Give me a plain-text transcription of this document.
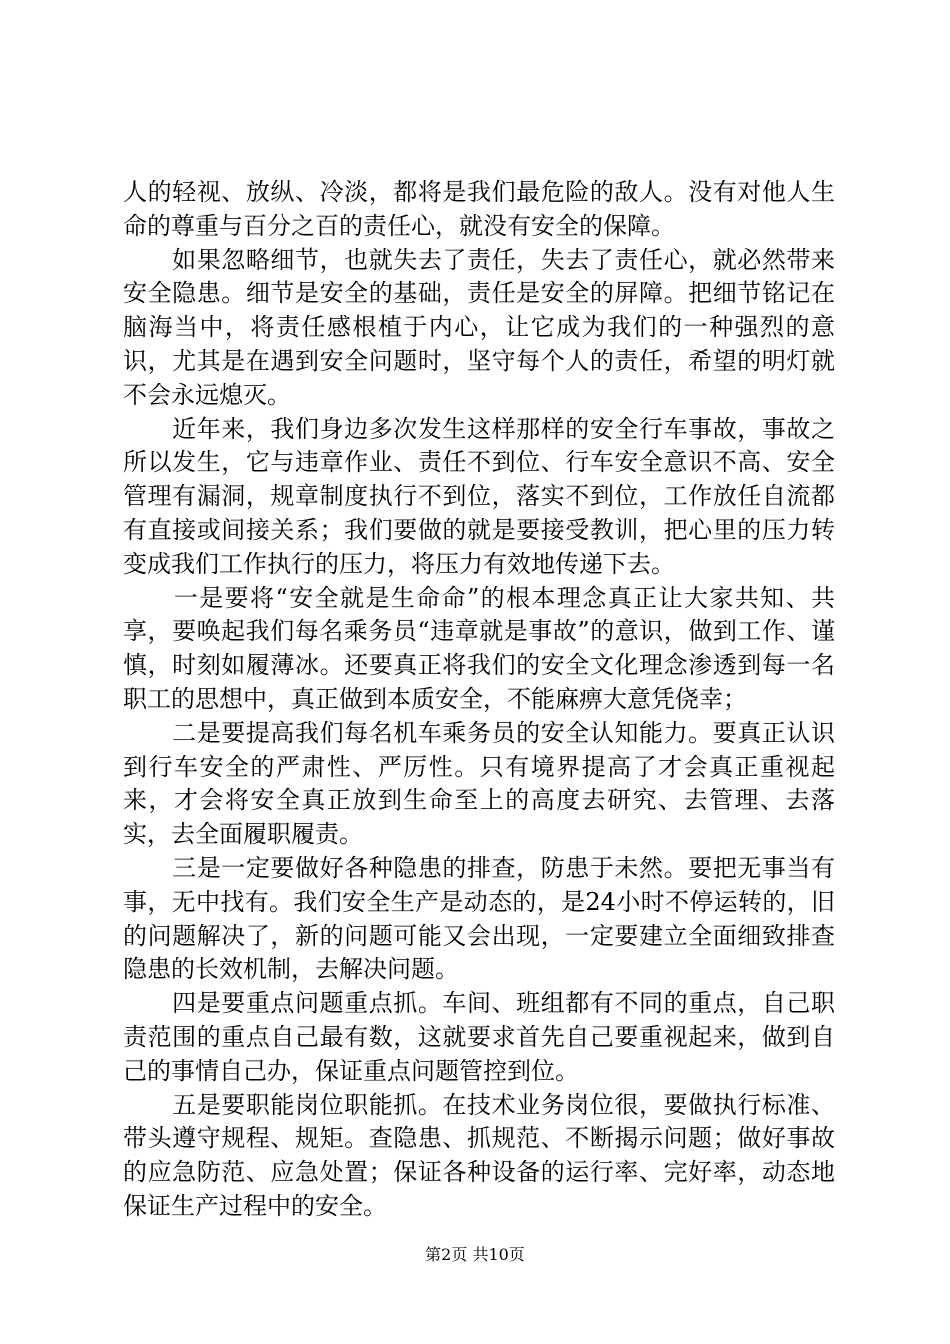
人的轻视、放纵、冷淡，都将是我们最危险的敌人。没有对他人生命的尊重与百分之百的责任心，就没有安全的保障。

　　如果忽略细节，也就失去了责任，失去了责任心，就必然带来安全隐患。细节是安全的基础，责任是安全的屏障。把细节铭记在脑海当中，将责任感根植于内心，让它成为我们的一种强烈的意识，尤其是在遇到安全问题时，坚守每个人的责任，希望的明灯就不会永远熄灭。

　　近年来，我们身边多次发生这样那样的安全行车事故，事故之所以发生，它与违章作业、责任不到位、行车安全意识不高、安全管理有漏洞，规章制度执行不到位，落实不到位，工作放任自流都有直接或间接关系；我们要做的就是要接受教训，把心里的压力转变成我们工作执行的压力，将压力有效地传递下去。

　　一是要将“安全就是生命命”的根本理念真正让大家共知、共享，要唤起我们每名乘务员“违章就是事故”的意识，做到工作、谨慎，时刻如履薄冰。还要真正将我们的安全文化理念渗透到每一名职工的思想中，真正做到本质安全，不能麻痹大意凭侥幸；

　　二是要提高我们每名机车乘务员的安全认知能力。要真正认识到行车安全的严肃性、严厉性。只有境界提高了才会真正重视起来，才会将安全真正放到生命至上的高度去研究、去管理、去落实，去全面履职履责。

　　三是一定要做好各种隐患的排查，防患于未然。要把无事当有事，无中找有。我们安全生产是动态的，是24小时不停运转的，旧的问题解决了，新的问题可能又会出现，一定要建立全面细致排查隐患的长效机制，去解决问题。

　　四是要重点问题重点抓。车间、班组都有不同的重点，自己职责范围的重点自己最有数，这就要求首先自己要重视起来，做到自己的事情自己办，保证重点问题管控到位。

　　五是要职能岗位职能抓。在技术业务岗位很，要做执行标准、带头遵守规程、规矩。查隐患、抓规范、不断揭示问题；做好事故的应急防范、应急处置；保证各种设备的运行率、完好率，动态地保证生产过程中的安全。

第2页 共10页
